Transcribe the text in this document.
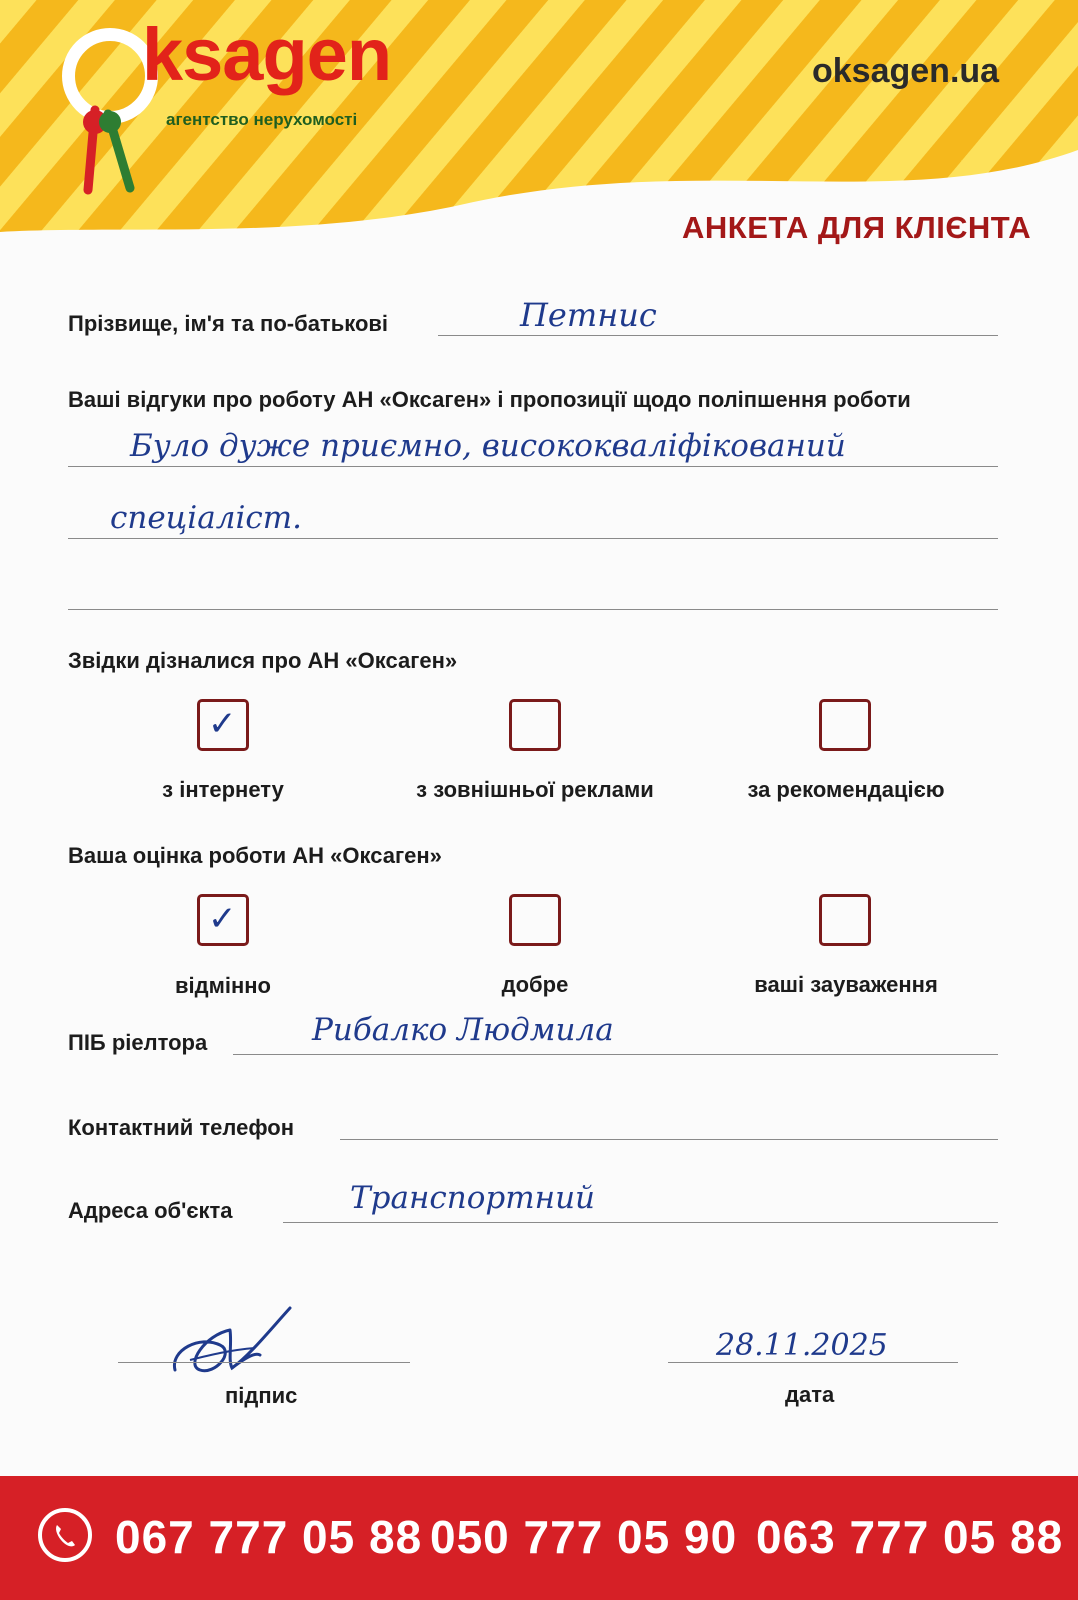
ksagen
агентство нерухомості
oksagen.ua
АНКЕТА ДЛЯ КЛІЄНТА
Прізвище, ім'я та по-батькові	Петнис
Ваші відгуки про роботу АН «Оксаген» і пропозиції щодо поліпшення роботи
Було дуже приємно, висококваліфікований
спеціаліст.
Звідки дізналися про АН «Оксаген»
✓
з інтернету	з зовнішньої реклами	за рекомендацією
Ваша оцінка роботи АН «Оксаген»
✓
відмінно	добре	ваші зауваження
ПІБ ріелтора	Рибалко Людмила
Контактний телефон
Адреса об'єкта	Транспортний
підпис
28.11.2025
дата
067 777 05 88 050 777 05 90 063 777 05 88
